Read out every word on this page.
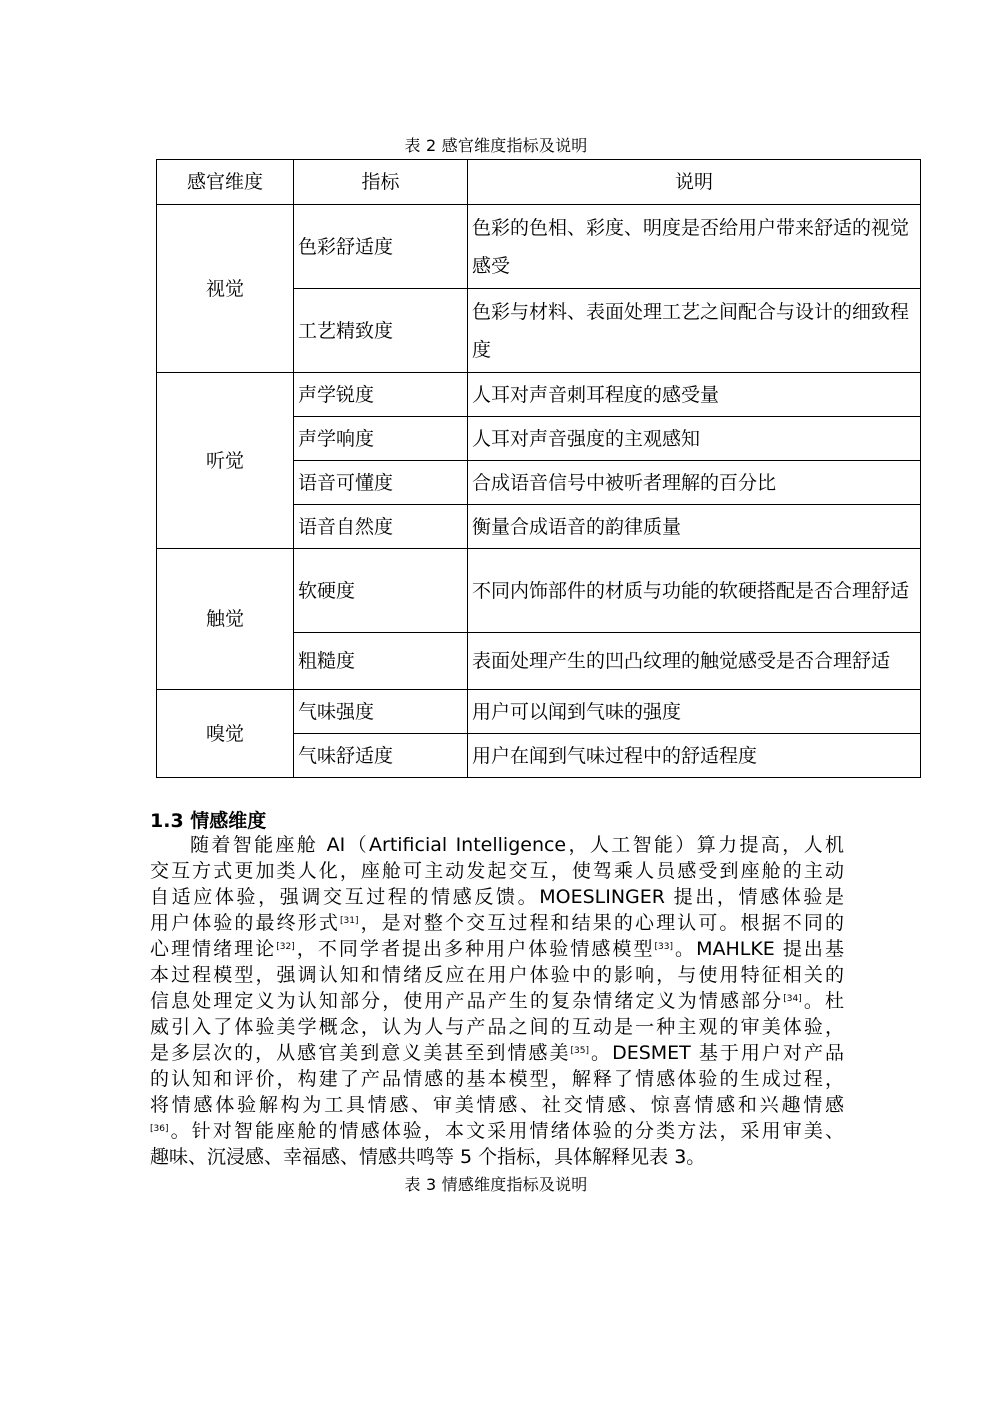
表 2 感官维度指标及说明
感官维度	指标	说明
视觉	色彩舒适度	色彩的色相、彩度、明度是否给用户带来舒适的视觉感受
	工艺精致度	色彩与材料、表面处理工艺之间配合与设计的细致程度
听觉	声学锐度	人耳对声音刺耳程度的感受量
	声学响度	人耳对声音强度的主观感知
	语音可懂度	合成语音信号中被听者理解的百分比
	语音自然度	衡量合成语音的韵律质量
触觉	软硬度	不同内饰部件的材质与功能的软硬搭配是否合理舒适
	粗糙度	表面处理产生的凹凸纹理的触觉感受是否合理舒适
嗅觉	气味强度	用户可以闻到气味的强度
	气味舒适度	用户在闻到气味过程中的舒适程度
1.3 情感维度
随着智能座舱 AI（Artificial Intelligence，人工智能）算力提高，人机
交互方式更加类人化，座舱可主动发起交互，使驾乘人员感受到座舱的主动
自适应体验，强调交互过程的情感反馈。MOESLINGER 提出，情感体验是
用户体验的最终形式[31]，是对整个交互过程和结果的心理认可。根据不同的
心理情绪理论[32]，不同学者提出多种用户体验情感模型[33]。MAHLKE 提出基
本过程模型，强调认知和情绪反应在用户体验中的影响，与使用特征相关的
信息处理定义为认知部分，使用产品产生的复杂情绪定义为情感部分[34]。杜
威引入了体验美学概念，认为人与产品之间的互动是一种主观的审美体验，
是多层次的，从感官美到意义美甚至到情感美[35]。DESMET 基于用户对产品
的认知和评价，构建了产品情感的基本模型，解释了情感体验的生成过程，
将情感体验解构为工具情感、审美情感、社交情感、惊喜情感和兴趣情感
[36]。针对智能座舱的情感体验，本文采用情绪体验的分类方法，采用审美、
趣味、沉浸感、幸福感、情感共鸣等 5 个指标，具体解释见表 3。
表 3 情感维度指标及说明
